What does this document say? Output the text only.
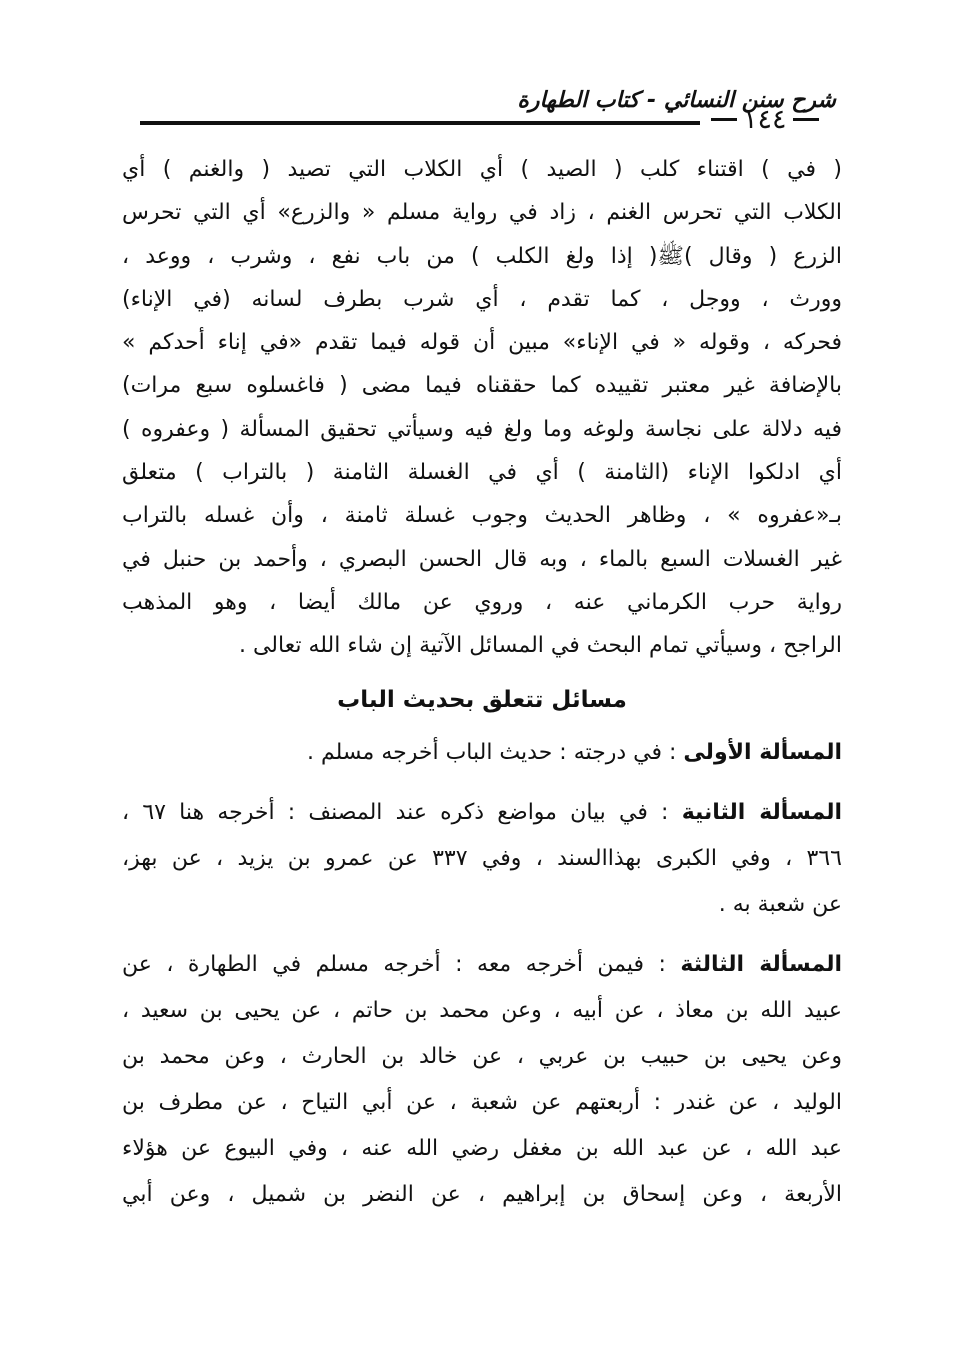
شرح سنن النسائي - كتاب الطهارة
١٤٤
( في ) اقتناء كلب ( الصيد ) أي الكلاب التي تصيد ( والغنم ) أي
الكلاب التي تحرس الغنم ، زاد في رواية مسلم « والزرع» أي التي تحرس
الزرع ( وقال )ﷺ( إذا ولغ الكلب ) من باب نفع ، وشرب ، ووعد ،
وورث ، ووجل ، كما تقدم ، أي شرب بطرف لسانه (في الإناء)
فحركه ، وقوله « في الإناء» مبين أن قوله فيما تقدم «في إناء أحدكم »
بالإضافة غير معتبر تقييده كما حققناه فيما مضى ( فاغسلوه سبع مرات)
فيه دلالة على نجاسة ولوغه وما ولغ فيه وسيأتي تحقيق المسألة ( وعفروه )
أي ادلكوا الإناء (الثامنة ) أي في الغسلة الثامنة ( بالتراب ) متعلق
بـ«عفروه » ، وظاهر الحديث وجوب غسلة ثامنة ، وأن غسله بالتراب
غير الغسلات السبع بالماء ، وبه قال الحسن البصري ، وأحمد بن حنبل في
رواية حرب الكرماني عنه ، وروي عن مالك أيضا ، وهو المذهب
الراجح ، وسيأتي تمام البحث في المسائل الآتية إن شاء الله تعالى .
مسائل تتعلق بحديث الباب
المسألة الأولى : في درجته : حديث الباب أخرجه مسلم .
المسألة الثانية : في بيان مواضع ذكره عند المصنف : أخرجه هنا ٦٧ ،
٣٦٦ ، وفي الكبرى بهذاالسند ، وفي ٣٣٧ عن عمرو بن يزيد ، عن بهز،
عن شعبة به .
المسألة الثالثة : فيمن أخرجه معه : أخرجه مسلم في الطهارة ، عن
عبيد الله بن معاذ ، عن أبيه ، وعن محمد بن حاتم ، عن يحيى بن سعيد ،
وعن يحيى بن حبيب بن عربي ، عن خالد بن الحارث ، وعن محمد بن
الوليد ، عن غندر : أربعتهم عن شعبة ، عن أبي التياح ، عن مطرف بن
عبد الله ، عن عبد الله بن مغفل رضي الله عنه ، وفي البيوع عن هؤلاء
الأربعة ، وعن إسحاق بن إبراهيم ، عن النضر بن شميل ، وعن أبي
